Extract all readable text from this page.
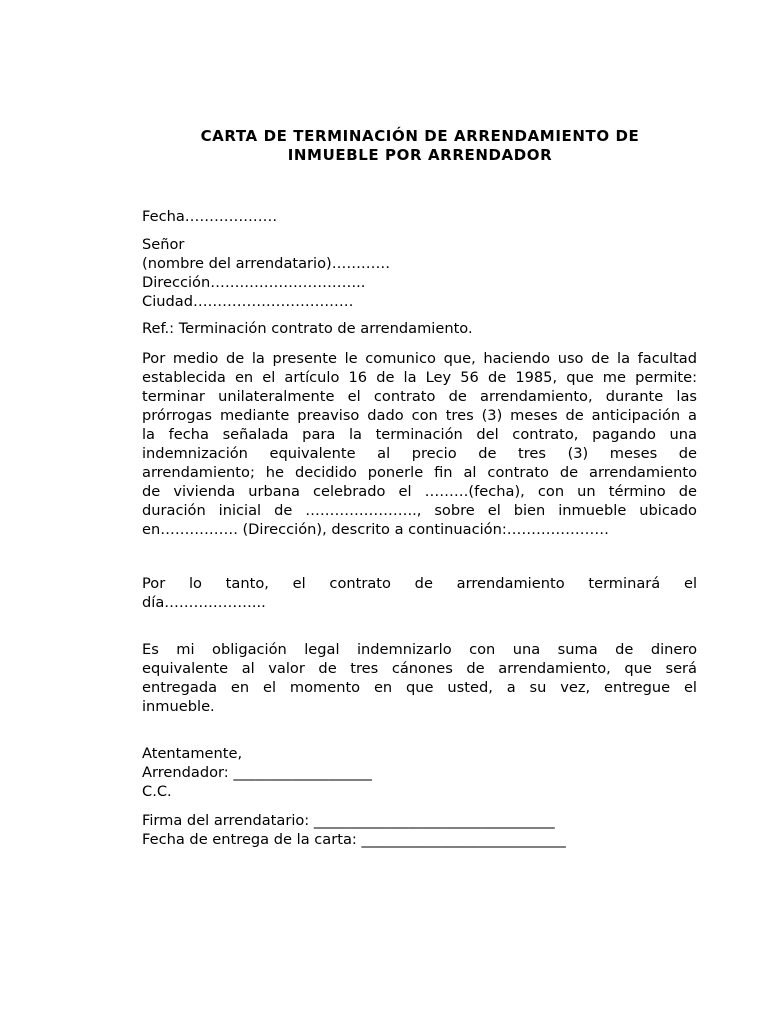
CARTA DE TERMINACIÓN DE ARRENDAMIENTO DE
INMUEBLE POR ARRENDADOR
Fecha……………….
Señor
(nombre del arrendatario)…………
Dirección…………………………..
Ciudad……………………………
Ref.: Terminación contrato de arrendamiento.
Por medio de la presente le comunico que, haciendo uso de la facultad
establecida en el artículo 16 de la Ley 56 de 1985, que me permite:
terminar unilateralmente el contrato de arrendamiento, durante las
prórrogas mediante preaviso dado con tres (3) meses de anticipación a
la fecha señalada para la terminación del contrato, pagando una
indemnización equivalente al precio de tres (3) meses de
arrendamiento; he decidido ponerle fin al contrato de arrendamiento
de vivienda urbana celebrado el ………(fecha), con un término de
duración inicial de ………………….., sobre el bien inmueble ubicado
en……………. (Dirección), descrito a continuación:…………………
Por lo tanto, el contrato de arrendamiento terminará el
día………………...
Es mi obligación legal indemnizarlo con una suma de dinero
equivalente al valor de tres cánones de arrendamiento, que será
entregada en el momento en que usted, a su vez, entregue el
inmueble.
Atentamente,
Arrendador: ___________________
C.C.
Firma del arrendatario: _________________________________
Fecha de entrega de la carta: ____________________________
